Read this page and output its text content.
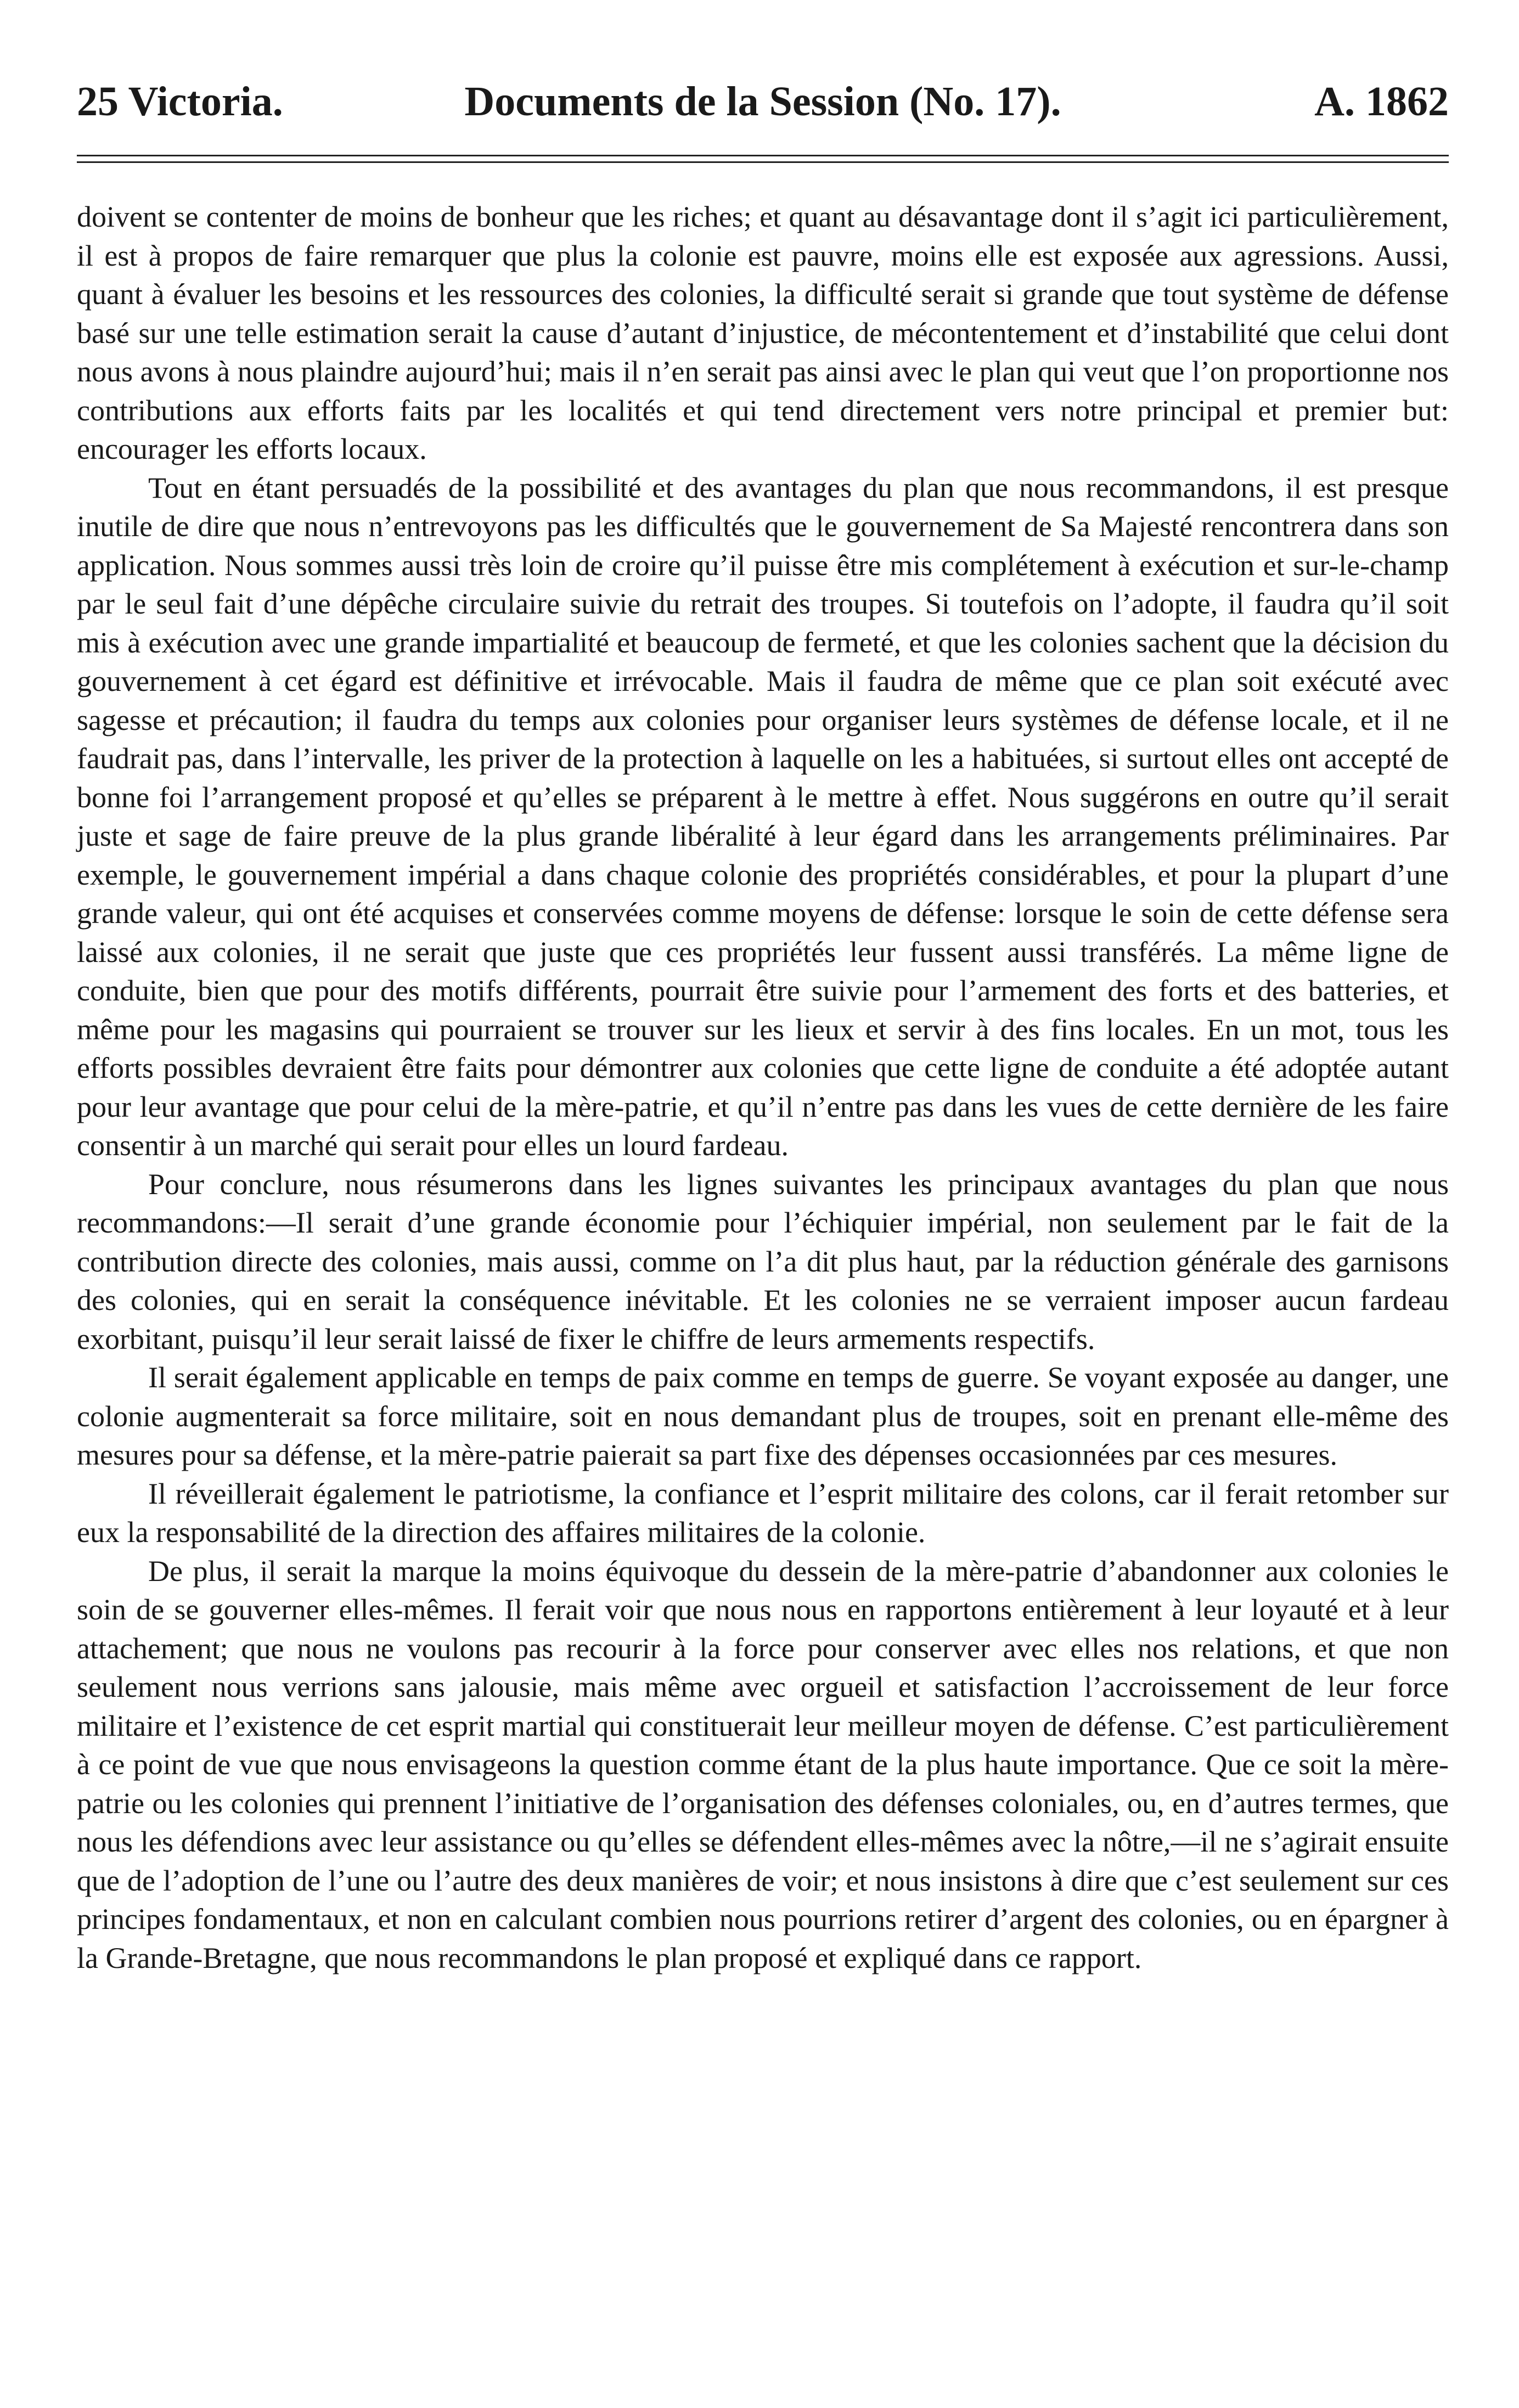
25 Victoria.	Documents de la Session (No. 17).	A. 1862

doivent se contenter de moins de bonheur que les riches; et quant au désavantage dont il s’agit ici particulièrement, il est à propos de faire remarquer que plus la colonie est pauvre, moins elle est exposée aux agressions. Aussi, quant à évaluer les besoins et les ressources des colonies, la difficulté serait si grande que tout système de défense basé sur une telle estimation serait la cause d’autant d’injustice, de mécontentement et d’instabilité que celui dont nous avons à nous plaindre aujourd’hui; mais il n’en serait pas ainsi avec le plan qui veut que l’on proportionne nos contributions aux efforts faits par les localités et qui tend directement vers notre principal et premier but: encourager les efforts locaux.

Tout en étant persuadés de la possibilité et des avantages du plan que nous recommandons, il est presque inutile de dire que nous n’entrevoyons pas les difficultés que le gouvernement de Sa Majesté rencontrera dans son application. Nous sommes aussi très loin de croire qu’il puisse être mis complétement à exécution et sur-le-champ par le seul fait d’une dépêche circulaire suivie du retrait des troupes. Si toutefois on l’adopte, il faudra qu’il soit mis à exécution avec une grande impartialité et beaucoup de fermeté, et que les colonies sachent que la décision du gouvernement à cet égard est définitive et irrévocable. Mais il faudra de même que ce plan soit exécuté avec sagesse et précaution; il faudra du temps aux colonies pour organiser leurs systèmes de défense locale, et il ne faudrait pas, dans l’intervalle, les priver de la protection à laquelle on les a habituées, si surtout elles ont accepté de bonne foi l’arrangement proposé et qu’elles se préparent à le mettre à effet. Nous suggérons en outre qu’il serait juste et sage de faire preuve de la plus grande libéralité à leur égard dans les arrangements préliminaires. Par exemple, le gouvernement impérial a dans chaque colonie des propriétés considérables, et pour la plupart d’une grande valeur, qui ont été acquises et conservées comme moyens de défense: lorsque le soin de cette défense sera laissé aux colonies, il ne serait que juste que ces propriétés leur fussent aussi transférés. La même ligne de conduite, bien que pour des motifs différents, pourrait être suivie pour l’armement des forts et des batteries, et même pour les magasins qui pourraient se trouver sur les lieux et servir à des fins locales. En un mot, tous les efforts possibles devraient être faits pour démontrer aux colonies que cette ligne de conduite a été adoptée autant pour leur avantage que pour celui de la mère-patrie, et qu’il n’entre pas dans les vues de cette dernière de les faire consentir à un marché qui serait pour elles un lourd fardeau.

Pour conclure, nous résumerons dans les lignes suivantes les principaux avantages du plan que nous recommandons:—Il serait d’une grande économie pour l’échiquier impérial, non seulement par le fait de la contribution directe des colonies, mais aussi, comme on l’a dit plus haut, par la réduction générale des garnisons des colonies, qui en serait la conséquence inévitable. Et les colonies ne se verraient imposer aucun fardeau exorbitant, puisqu’il leur serait laissé de fixer le chiffre de leurs armements respectifs.

Il serait également applicable en temps de paix comme en temps de guerre. Se voyant exposée au danger, une colonie augmenterait sa force militaire, soit en nous demandant plus de troupes, soit en prenant elle-même des mesures pour sa défense, et la mère-patrie paierait sa part fixe des dépenses occasionnées par ces mesures.

Il réveillerait également le patriotisme, la confiance et l’esprit militaire des colons, car il ferait retomber sur eux la responsabilité de la direction des affaires militaires de la colonie.

De plus, il serait la marque la moins équivoque du dessein de la mère-patrie d’abandonner aux colonies le soin de se gouverner elles-mêmes. Il ferait voir que nous nous en rapportons entièrement à leur loyauté et à leur attachement; que nous ne voulons pas recourir à la force pour conserver avec elles nos relations, et que non seulement nous verrions sans jalousie, mais même avec orgueil et satisfaction l’accroissement de leur force militaire et l’existence de cet esprit martial qui constituerait leur meilleur moyen de défense. C’est particulièrement à ce point de vue que nous envisageons la question comme étant de la plus haute importance. Que ce soit la mère-patrie ou les colonies qui prennent l’initiative de l’organisation des défenses coloniales, ou, en d’autres termes, que nous les défendions avec leur assistance ou qu’elles se défendent elles-mêmes avec la nôtre,—il ne s’agirait ensuite que de l’adoption de l’une ou l’autre des deux manières de voir; et nous insistons à dire que c’est seulement sur ces principes fondamentaux, et non en calculant combien nous pourrions retirer d’argent des colonies, ou en épargner à la Grande-Bretagne, que nous recommandons le plan proposé et expliqué dans ce rapport.
